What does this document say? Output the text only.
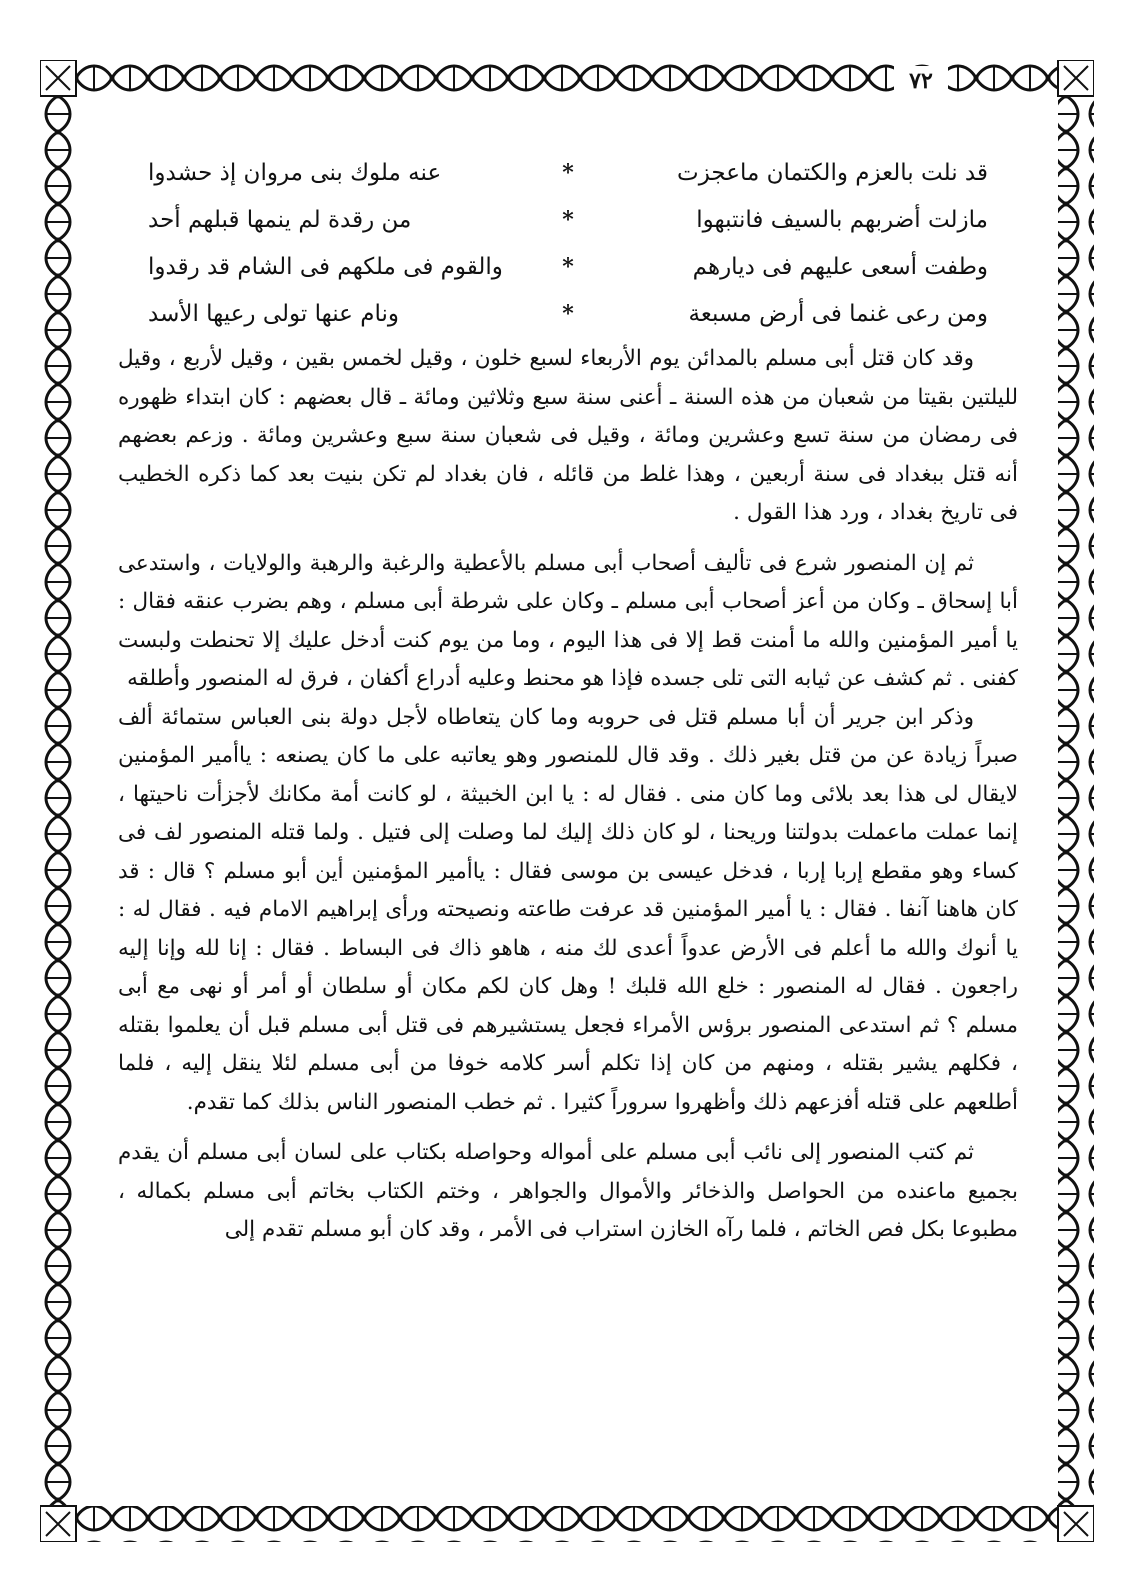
٧٢
قد نلت بالعزم والكتمان ماعجزت
*
عنه ملوك بنى مروان إذ حشدوا
مازلت أضربهم بالسيف فانتبهوا
*
من رقدة لم ينمها قبلهم أحد
وطفت أسعى عليهم فى ديارهم
*
والقوم فى ملكهم فى الشام قد رقدوا
ومن رعى غنما فى أرض مسبعة
*
ونام عنها تولى رعيها الأسد

وقد كان قتل أبى مسلم بالمدائن يوم الأربعاء لسبع خلون ، وقيل لخمس بقين ، وقيل لأربع ، وقيل لليلتين بقيتا من شعبان من هذه السنة ـ أعنى سنة سبع وثلاثين ومائة ـ قال بعضهم : كان ابتداء ظهوره فى رمضان من سنة تسع وعشرين ومائة ، وقيل فى شعبان سنة سبع وعشرين ومائة . وزعم بعضهم أنه قتل ببغداد فى سنة أربعين ، وهذا غلط من قائله ، فان بغداد لم تكن بنيت بعد كما ذكره الخطيب فى تاريخ بغداد ، ورد هذا القول .

ثم إن المنصور شرع فى تأليف أصحاب أبى مسلم بالأعطية والرغبة والرهبة والولايات ، واستدعى أبا إسحاق ـ وكان من أعز أصحاب أبى مسلم ـ وكان على شرطة أبى مسلم ، وهم بضرب عنقه فقال : يا أمير المؤمنين والله ما أمنت قط إلا فى هذا اليوم ، وما من يوم كنت أدخل عليك إلا تحنطت ولبست كفنى . ثم كشف عن ثيابه التى تلى جسده فإذا هو محنط وعليه أدراع أكفان ، فرق له المنصور وأطلقه

وذكر ابن جرير أن أبا مسلم قتل فى حروبه وما كان يتعاطاه لأجل دولة بنى العباس ستمائة ألف صبراً زيادة عن من قتل بغير ذلك . وقد قال للمنصور وهو يعاتبه على ما كان يصنعه : ياأمير المؤمنين لايقال لى هذا بعد بلائى وما كان منى . فقال له : يا ابن الخبيثة ، لو كانت أمة مكانك لأجزأت ناحيتها ، إنما عملت ماعملت بدولتنا وريحنا ، لو كان ذلك إليك لما وصلت إلى فتيل . ولما قتله المنصور لف فى كساء وهو مقطع إربا إربا ، فدخل عيسى بن موسى فقال : ياأمير المؤمنين أين أبو مسلم ؟ قال : قد كان هاهنا آنفا . فقال : يا أمير المؤمنين قد عرفت طاعته ونصيحته ورأى إبراهيم الامام فيه . فقال له : يا أنوك والله ما أعلم فى الأرض عدواً أعدى لك منه ، هاهو ذاك فى البساط . فقال : إنا لله وإنا إليه راجعون . فقال له المنصور : خلع الله قلبك ! وهل كان لكم مكان أو سلطان أو أمر أو نهى مع أبى مسلم ؟ ثم استدعى المنصور برؤس الأمراء فجعل يستشيرهم فى قتل أبى مسلم قبل أن يعلموا بقتله ، فكلهم يشير بقتله ، ومنهم من كان إذا تكلم أسر كلامه خوفا من أبى مسلم لئلا ينقل إليه ، فلما أطلعهم على قتله أفزعهم ذلك وأظهروا سروراً كثيرا . ثم خطب المنصور الناس بذلك كما تقدم.

ثم كتب المنصور إلى نائب أبى مسلم على أمواله وحواصله بكتاب على لسان أبى مسلم أن يقدم بجميع ماعنده من الحواصل والذخائر والأموال والجواهر ، وختم الكتاب بخاتم أبى مسلم بكماله ، مطبوعا بكل فص الخاتم ، فلما رآه الخازن استراب فى الأمر ، وقد كان أبو مسلم تقدم إلى
